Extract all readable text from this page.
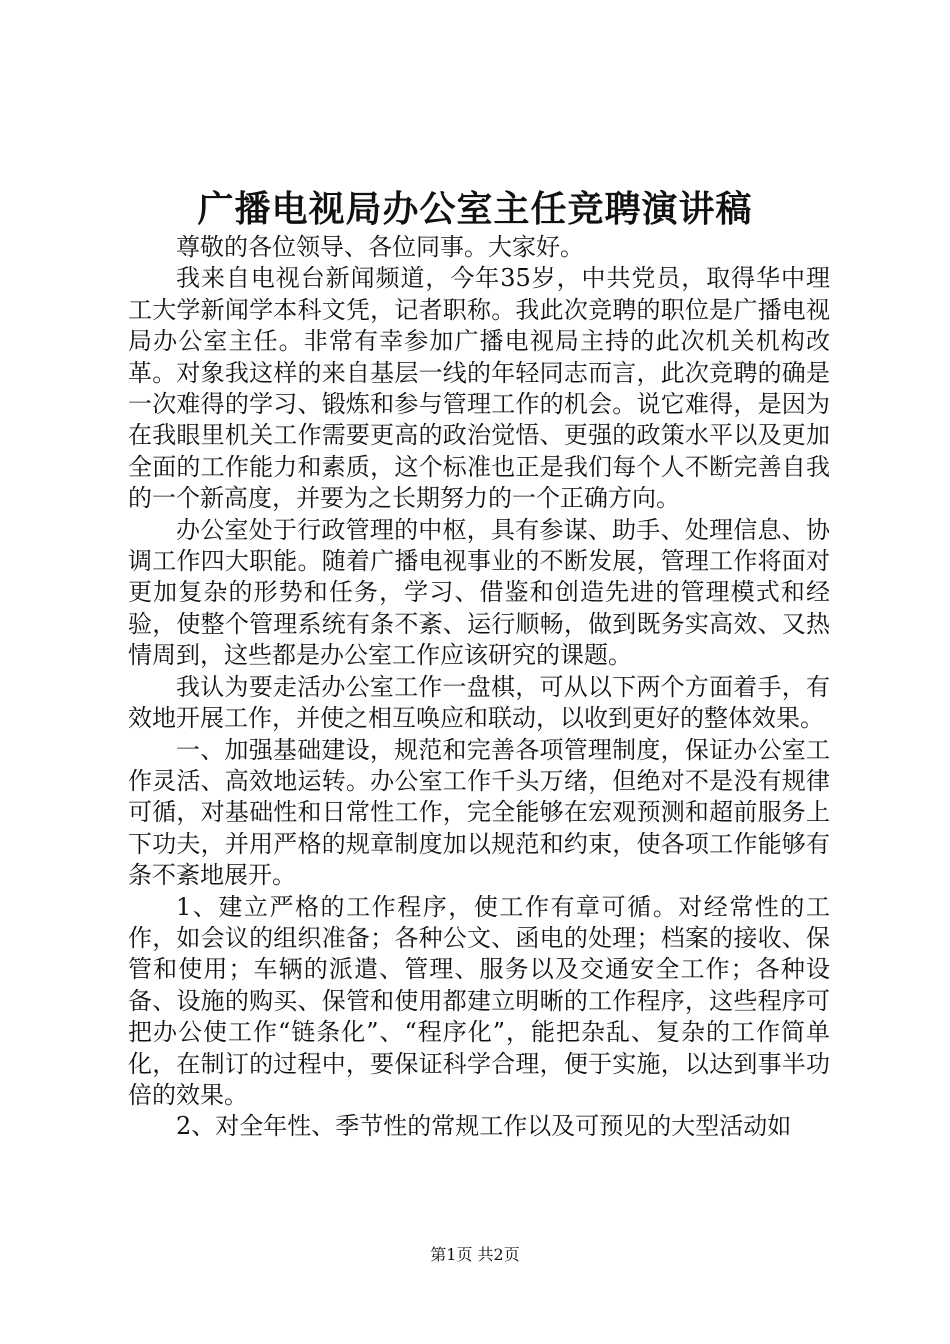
广播电视局办公室主任竞聘演讲稿

尊敬的各位领导、各位同事。大家好。

我来自电视台新闻频道，今年35岁，中共党员，取得华中理工大学新闻学本科文凭，记者职称。我此次竞聘的职位是广播电视局办公室主任。非常有幸参加广播电视局主持的此次机关机构改革。对象我这样的来自基层一线的年轻同志而言，此次竞聘的确是一次难得的学习、锻炼和参与管理工作的机会。说它难得，是因为在我眼里机关工作需要更高的政治觉悟、更强的政策水平以及更加全面的工作能力和素质，这个标准也正是我们每个人不断完善自我的一个新高度，并要为之长期努力的一个正确方向。

办公室处于行政管理的中枢，具有参谋、助手、处理信息、协调工作四大职能。随着广播电视事业的不断发展，管理工作将面对更加复杂的形势和任务，学习、借鉴和创造先进的管理模式和经验，使整个管理系统有条不紊、运行顺畅，做到既务实高效、又热情周到，这些都是办公室工作应该研究的课题。

我认为要走活办公室工作一盘棋，可从以下两个方面着手，有效地开展工作，并使之相互唤应和联动，以收到更好的整体效果。

一、加强基础建设，规范和完善各项管理制度，保证办公室工作灵活、高效地运转。办公室工作千头万绪，但绝对不是没有规律可循，对基础性和日常性工作，完全能够在宏观预测和超前服务上下功夫，并用严格的规章制度加以规范和约束，使各项工作能够有条不紊地展开。

1、建立严格的工作程序，使工作有章可循。对经常性的工作，如会议的组织准备；各种公文、函电的处理；档案的接收、保管和使用；车辆的派遣、管理、服务以及交通安全工作；各种设备、设施的购买、保管和使用都建立明晰的工作程序，这些程序可把办公使工作“链条化”、“程序化”，能把杂乱、复杂的工作简单化，在制订的过程中，要保证科学合理，便于实施，以达到事半功倍的效果。

2、对全年性、季节性的常规工作以及可预见的大型活动如

第1页 共2页
